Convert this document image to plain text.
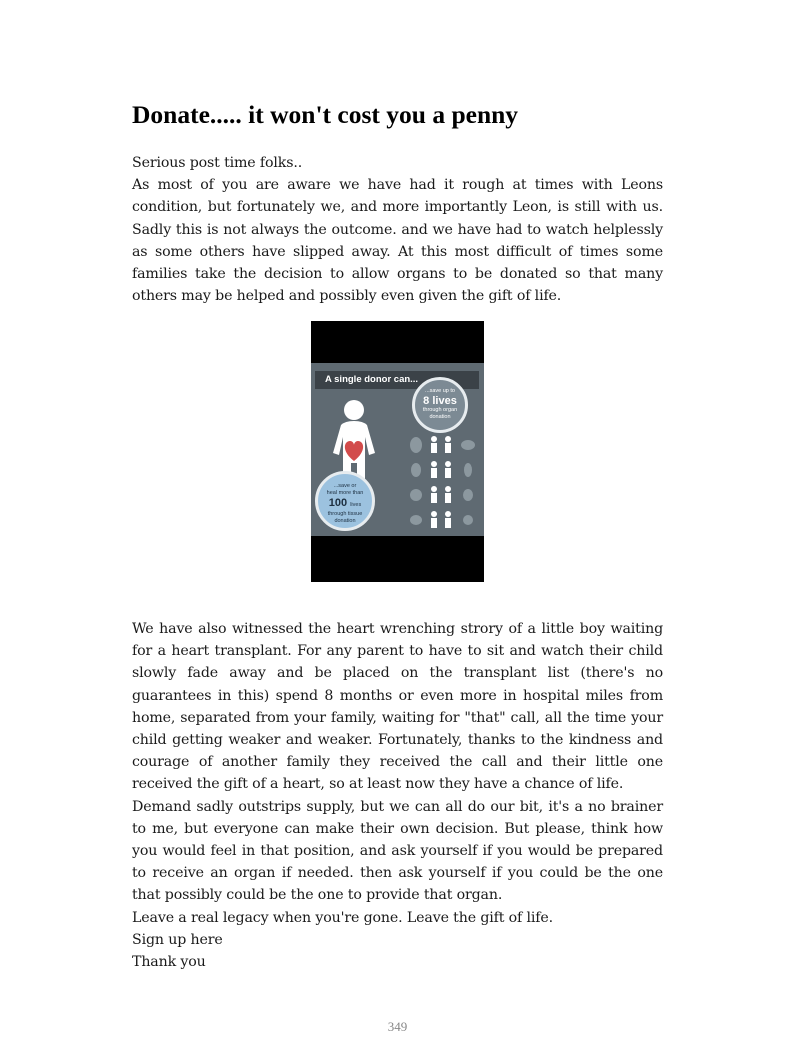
Donate..... it won't cost you a penny

Serious post time folks..

As most of you are aware we have had it rough at times with Leons condition, but fortunately we, and more importantly Leon, is still with us. Sadly this is not always the outcome. and we have had to watch helplessly as some others have slipped away. At this most difficult of times some families take the decision to allow organs to be donated so that many others may be helped and possibly even given the gift of life.

A single donor can...
...save up to
8 lives
through organ
donation
...save or
heal more than
100 lives
through tissue
donation

We have also witnessed the heart wrenching strory of a little boy waiting for a heart transplant. For any parent to have to sit and watch their child slowly fade away and be placed on the transplant list (there's no guarantees in this) spend 8 months or even more in hospital miles from home, separated from your family, waiting for "that" call, all the time your child getting weaker and weaker. Fortunately, thanks to the kindness and courage of another family they received the call and their little one received the gift of a heart, so at least now they have a chance of life.

Demand sadly outstrips supply, but we can all do our bit, it's a no brainer to me, but everyone can make their own decision. But please, think how you would feel in that position, and ask yourself if you would be prepared to receive an organ if needed. then ask yourself if you could be the one that possibly could be the one to provide that organ.

Leave a real legacy when you're gone. Leave the gift of life.

Sign up here

Thank you

349
